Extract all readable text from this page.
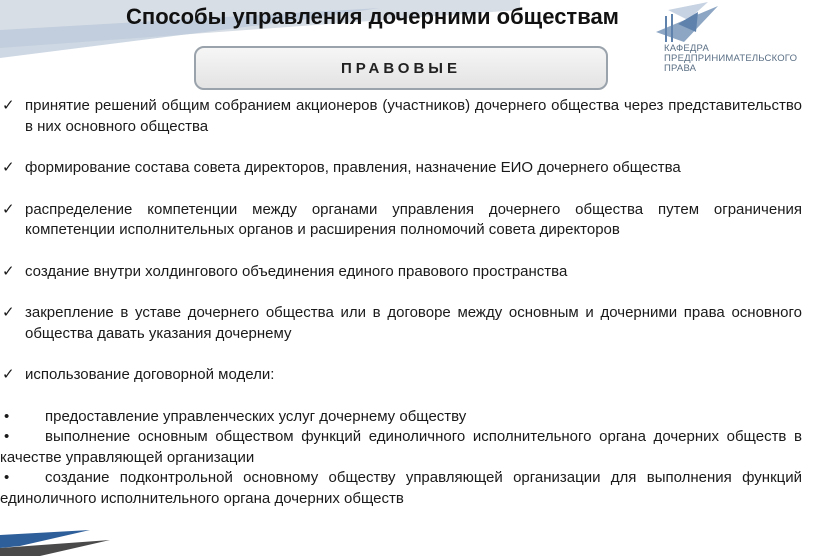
Способы управления дочерними обществам
КАФЕДРА
ПРЕДПРИНИМАТЕЛЬСКОГО
ПРАВА
ПРАВОВЫЕ
✓ принятие решений общим собранием акционеров (участников) дочернего общества через представительство в них основного общества
✓ формирование состава совета директоров, правления, назначение ЕИО дочернего общества
✓ распределение компетенции между органами управления дочернего общества путем ограничения компетенции исполнительных органов и расширения полномочий совета директоров
✓ создание внутри холдингового объединения единого правового пространства
✓ закрепление в уставе дочернего общества или в договоре между основным и дочерними права основного общества давать указания дочернему
✓ использование договорной модели:
• предоставление управленческих услуг дочернему обществу
• выполнение основным обществом функций единоличного исполнительного органа дочерних обществ в качестве управляющей организации
• создание подконтрольной основному обществу управляющей организации для выполнения функций единоличного исполнительного органа дочерних обществ
